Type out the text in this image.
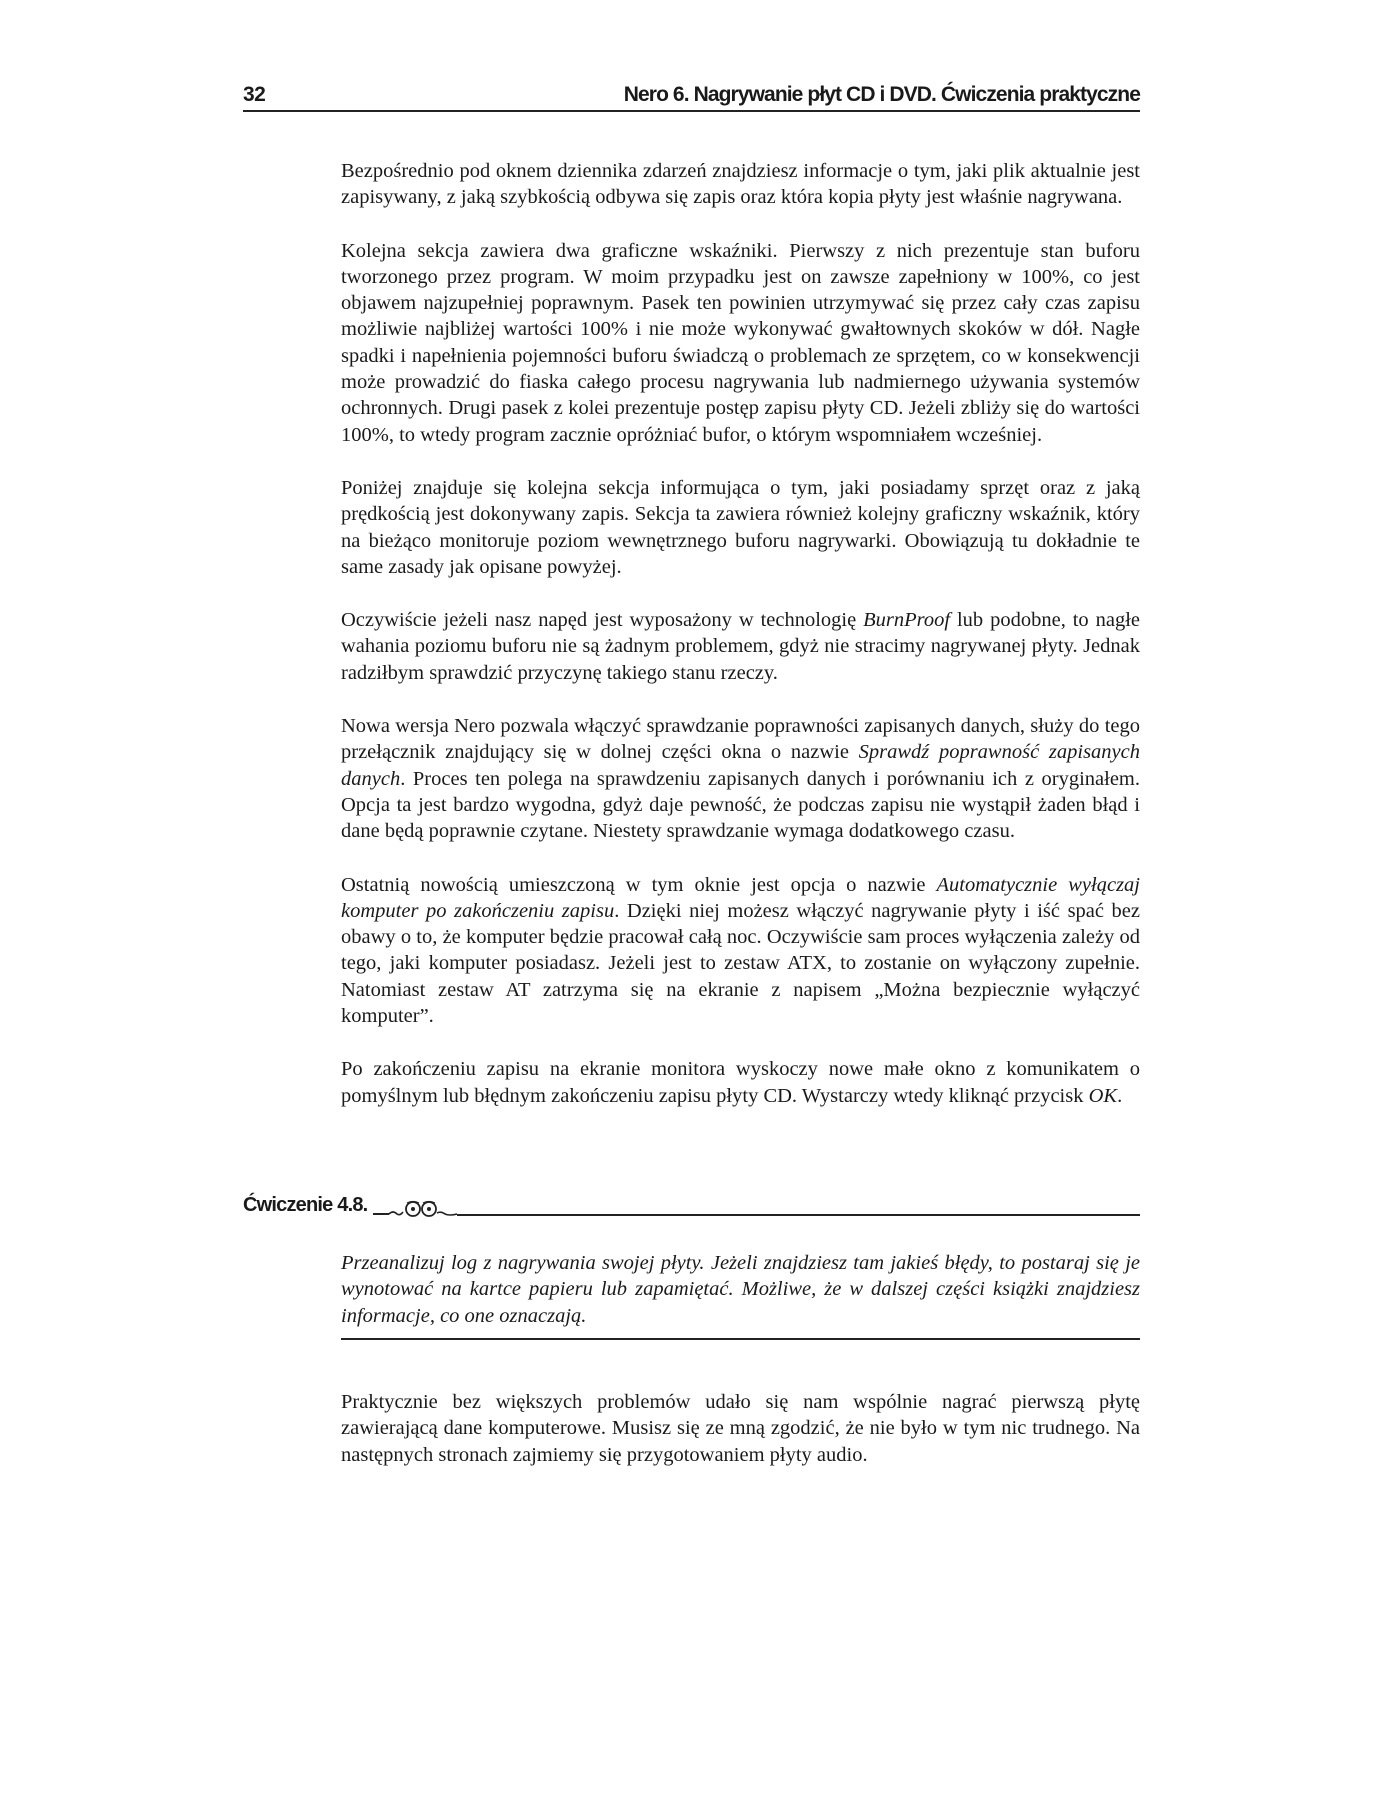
32	Nero 6. Nagrywanie płyt CD i DVD. Ćwiczenia praktyczne

Bezpośrednio pod oknem dziennika zdarzeń znajdziesz informacje o tym, jaki plik aktualnie jest zapisywany, z jaką szybkością odbywa się zapis oraz która kopia płyty jest właśnie nagrywana.

Kolejna sekcja zawiera dwa graficzne wskaźniki. Pierwszy z nich prezentuje stan buforu tworzonego przez program. W moim przypadku jest on zawsze zapełniony w 100%, co jest objawem najzupełniej poprawnym. Pasek ten powinien utrzymywać się przez cały czas zapisu możliwie najbliżej wartości 100% i nie może wykonywać gwałtownych skoków w dół. Nagłe spadki i napełnienia pojemności buforu świadczą o problemach ze sprzętem, co w konsekwencji może prowadzić do fiaska całego procesu nagrywania lub nadmiernego używania systemów ochronnych. Drugi pasek z kolei prezentuje postęp zapisu płyty CD. Jeżeli zbliży się do wartości 100%, to wtedy program zacznie opróżniać bufor, o którym wspomniałem wcześniej.

Poniżej znajduje się kolejna sekcja informująca o tym, jaki posiadamy sprzęt oraz z jaką prędkością jest dokonywany zapis. Sekcja ta zawiera również kolejny graficzny wskaźnik, który na bieżąco monitoruje poziom wewnętrznego buforu nagrywarki. Obowiązują tu dokładnie te same zasady jak opisane powyżej.

Oczywiście jeżeli nasz napęd jest wyposażony w technologię BurnProof lub podobne, to nagłe wahania poziomu buforu nie są żadnym problemem, gdyż nie stracimy nagrywanej płyty. Jednak radziłbym sprawdzić przyczynę takiego stanu rzeczy.

Nowa wersja Nero pozwala włączyć sprawdzanie poprawności zapisanych danych, służy do tego przełącznik znajdujący się w dolnej części okna o nazwie Sprawdź poprawność zapisanych danych. Proces ten polega na sprawdzeniu zapisanych danych i porównaniu ich z oryginałem. Opcja ta jest bardzo wygodna, gdyż daje pewność, że podczas zapisu nie wystąpił żaden błąd i dane będą poprawnie czytane. Niestety sprawdzanie wymaga dodatkowego czasu.

Ostatnią nowością umieszczoną w tym oknie jest opcja o nazwie Automatycznie wyłączaj komputer po zakończeniu zapisu. Dzięki niej możesz włączyć nagrywanie płyty i iść spać bez obawy o to, że komputer będzie pracował całą noc. Oczywiście sam proces wyłączenia zależy od tego, jaki komputer posiadasz. Jeżeli jest to zestaw ATX, to zostanie on wyłączony zupełnie. Natomiast zestaw AT zatrzyma się na ekranie z napisem „Można bezpiecznie wyłączyć komputer”.

Po zakończeniu zapisu na ekranie monitora wyskoczy nowe małe okno z komunikatem o pomyślnym lub błędnym zakończeniu zapisu płyty CD. Wystarczy wtedy kliknąć przycisk OK.

Ćwiczenie 4.8.

Przeanalizuj log z nagrywania swojej płyty. Jeżeli znajdziesz tam jakieś błędy, to postaraj się je wynotować na kartce papieru lub zapamiętać. Możliwe, że w dalszej części książki znajdziesz informacje, co one oznaczają.

Praktycznie bez większych problemów udało się nam wspólnie nagrać pierwszą płytę zawierającą dane komputerowe. Musisz się ze mną zgodzić, że nie było w tym nic trudnego. Na następnych stronach zajmiemy się przygotowaniem płyty audio.
